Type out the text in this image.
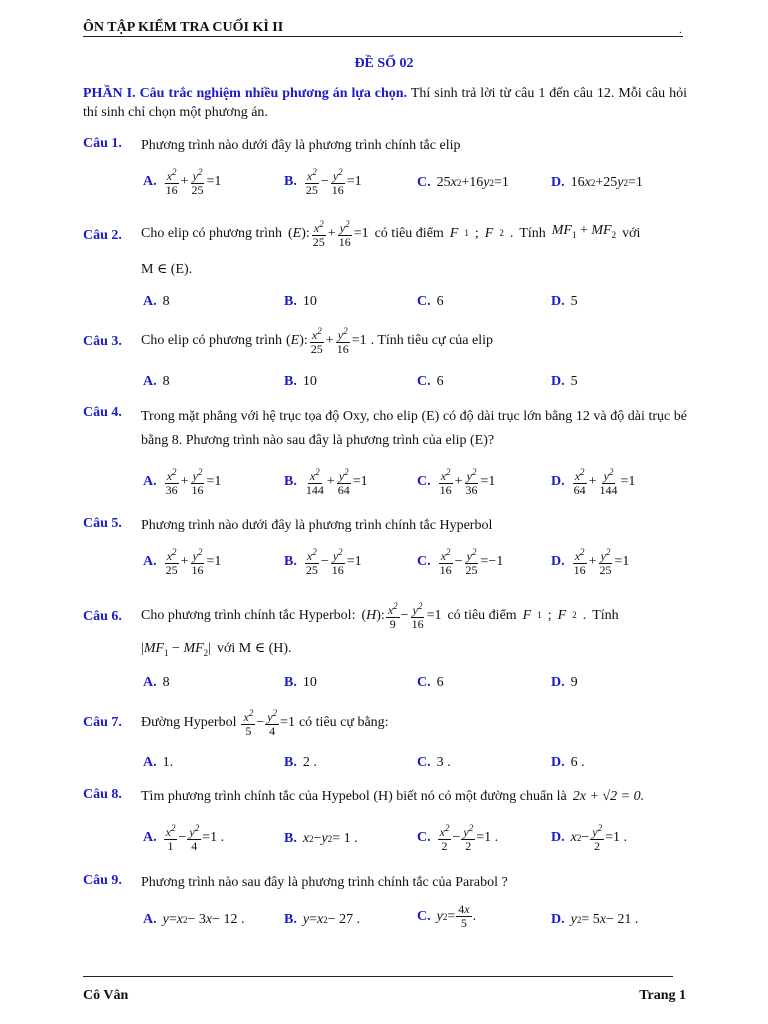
ÔN TẬP KIỂM TRA CUỐI KÌ II	.
ĐỀ SỐ 02
PHẦN I. Câu trắc nghiệm nhiều phương án lựa chọn. Thí sinh trả lời từ câu 1 đến câu 12. Mỗi câu hỏi thí sinh chỉ chọn một phương án.
Câu 1. Phương trình nào dưới đây là phương trình chính tắc elip
A. $\frac{x^2}{16} + \frac{y^2}{25} =1$	B. $\frac{x^2}{25} - \frac{y^2}{16} =1$	C. 25 x 2 +16 y 2 =1	D. 16 x 2 +25 y 2 =1
Câu 2. Cho elip có phương trình ( E ): $\frac{x^2}{25} + \frac{y^2}{16} =1$ có tiêu điểm F 1 ; F 2 . Tính $MF_1 + MF_2$ với
M ∈ (E).
A. 8	B. 10	C. 6	D. 5
Câu 3. Cho elip có phương trình ( E ): $\frac{x^2}{25} + \frac{y^2}{16} =1$ . Tính tiêu cự của elip
A. 8	B. 10	C. 6	D. 5
Câu 4. Trong mặt phẳng với hệ trục tọa độ Oxy, cho elip (E) có độ dài trục lớn bằng 12 và độ dài trục bé bằng 8. Phương trình nào sau đây là phương trình của elip (E)?
A. $\frac{x^2}{36} + \frac{y^2}{16} =1$	B. $\frac{x^2}{144} + \frac{y^2}{64} =1$	C. $\frac{x^2}{16} + \frac{y^2}{36} =1$	D. $\frac{x^2}{64} + \frac{y^2}{144} =1$
Câu 5. Phương trình nào dưới đây là phương trình chính tắc Hyperbol
A. $\frac{x^2}{25} + \frac{y^2}{16} =1$	B. $\frac{x^2}{25} - \frac{y^2}{16} =1$	C. $\frac{x^2}{16} - \frac{y^2}{25} =-1$	D. $\frac{x^2}{16} + \frac{y^2}{25} =1$
Câu 6. Cho phương trình chính tắc Hyperbol: ( H ): $\frac{x^2}{9} - \frac{y^2}{16} =1$ có tiêu điểm F 1 ; F 2 . Tính
$|MF_1 - MF_2|$ với M ∈ (H).
A. 8	B. 10	C. 6	D. 9
Câu 7. Đường Hyperbol $\frac{x^2}{5} - \frac{y^2}{4} =1$ có tiêu cự bằng:
A. 1.	B. 2 .	C. 3 .	D. 6 .
Câu 8. Tìm phương trình chính tắc của Hypebol (H) biết nó có một đường chuẩn là 2x + √2 = 0.
A. $\frac{x^2}{1} - \frac{y^2}{4} =1$ .	B. x 2 − y 2 = 1 .	C. $\frac{x^2}{2} - \frac{y^2}{2} =1$ .	D. x $2 - \frac{y^2}{2} =1$ .
Câu 9. Phương trình nào sau đây là phương trình chính tắc của Parabol ?
A. y = x 2 − 3 x − 12 .	B. y = x 2 − 27 .	C. y $2 = \frac{4x}{5}$ .	D. y 2 = 5 x − 21 .
Cô Vân	Trang 1
